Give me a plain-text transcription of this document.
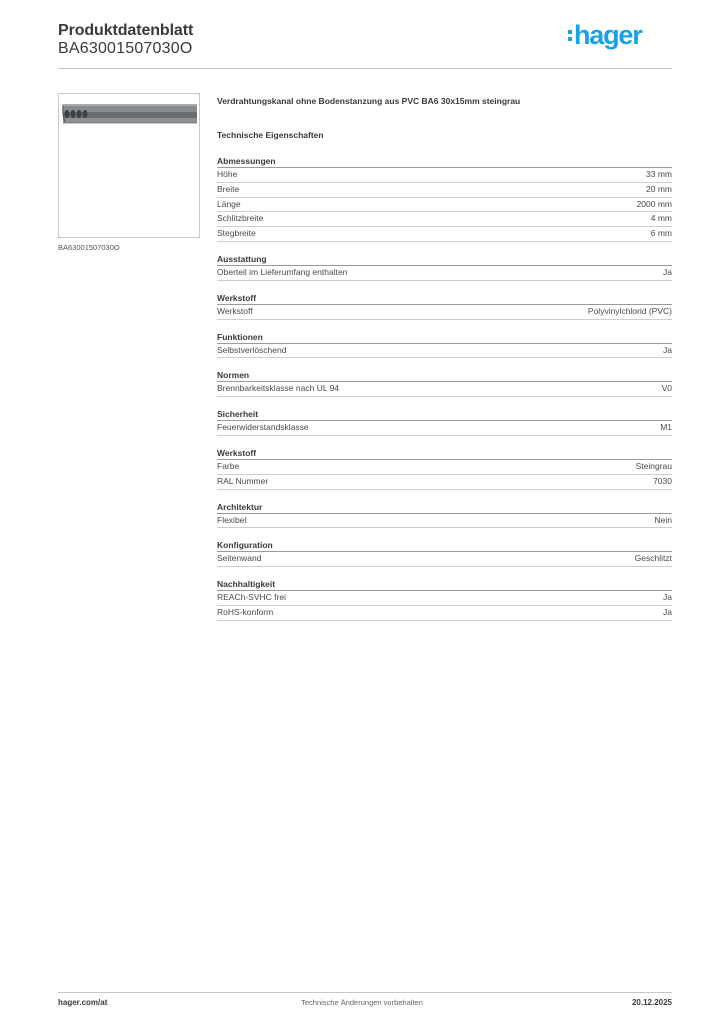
Produktdatenblatt
BA63001507030O	hager
BA63001507030O
Verdrahtungskanal ohne Bodenstanzung aus PVC BA6 30x15mm steingrau
Technische Eigenschaften
Abmessungen
Höhe	33 mm
Breite	20 mm
Länge	2000 mm
Schlitzbreite	4 mm
Stegbreite	6 mm
Ausstattung
Oberteil im Lieferumfang enthalten	Ja
Werkstoff
Werkstoff	Polyvinylchlorid (PVC)
Funktionen
Selbstverlöschend	Ja
Normen
Brennbarkeitsklasse nach UL 94	V0
Sicherheit
Feuerwiderstandsklasse	M1
Werkstoff
Farbe	Steingrau
RAL Nummer	7030
Architektur
Flexibel	Nein
Konfiguration
Seitenwand	Geschlitzt
Nachhaltigkeit
REACh-SVHC frei	Ja
RoHS-konform	Ja
hager.com/at	Technische Änderungen vorbehalten	20.12.2025
